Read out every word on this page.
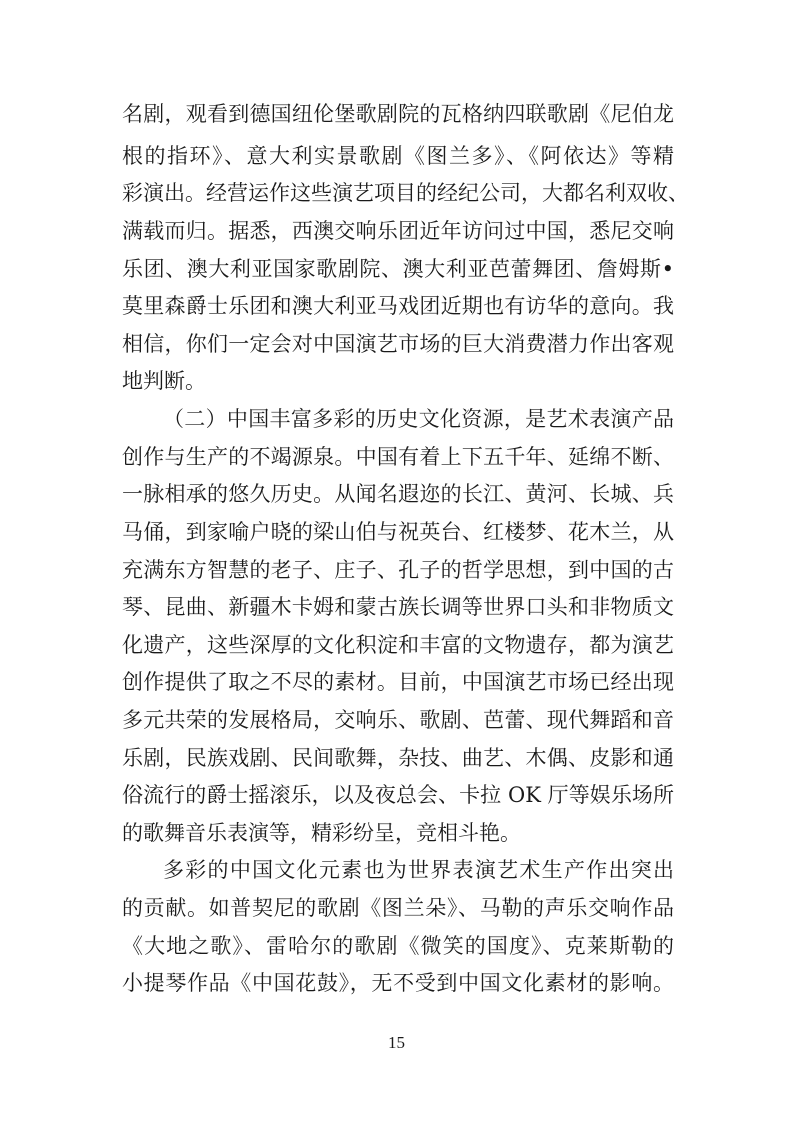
名剧，观看到德国纽伦堡歌剧院的瓦格纳四联歌剧《尼伯龙
根的指环》、意大利实景歌剧《图兰多》、《阿依达》等精
彩演出。经营运作这些演艺项目的经纪公司，大都名利双收、
满载而归。据悉，西澳交响乐团近年访问过中国，悉尼交响
乐团、澳大利亚国家歌剧院、澳大利亚芭蕾舞团、詹姆斯•
莫里森爵士乐团和澳大利亚马戏团近期也有访华的意向。我
相信，你们一定会对中国演艺市场的巨大消费潜力作出客观
地判断。
（二）中国丰富多彩的历史文化资源，是艺术表演产品
创作与生产的不竭源泉。中国有着上下五千年、延绵不断、
一脉相承的悠久历史。从闻名遐迩的长江、黄河、长城、兵
马俑，到家喻户晓的梁山伯与祝英台、红楼梦、花木兰，从
充满东方智慧的老子、庄子、孔子的哲学思想，到中国的古
琴、昆曲、新疆木卡姆和蒙古族长调等世界口头和非物质文
化遗产，这些深厚的文化积淀和丰富的文物遗存，都为演艺
创作提供了取之不尽的素材。目前，中国演艺市场已经出现
多元共荣的发展格局，交响乐、歌剧、芭蕾、现代舞蹈和音
乐剧，民族戏剧、民间歌舞，杂技、曲艺、木偶、皮影和通
俗流行的爵士摇滚乐，以及夜总会、卡拉 OK 厅等娱乐场所
的歌舞音乐表演等，精彩纷呈，竞相斗艳。
多彩的中国文化元素也为世界表演艺术生产作出突出
的贡献。如普契尼的歌剧《图兰朵》、马勒的声乐交响作品
《大地之歌》、雷哈尔的歌剧《微笑的国度》、克莱斯勒的
小提琴作品《中国花鼓》，无不受到中国文化素材的影响。
15
